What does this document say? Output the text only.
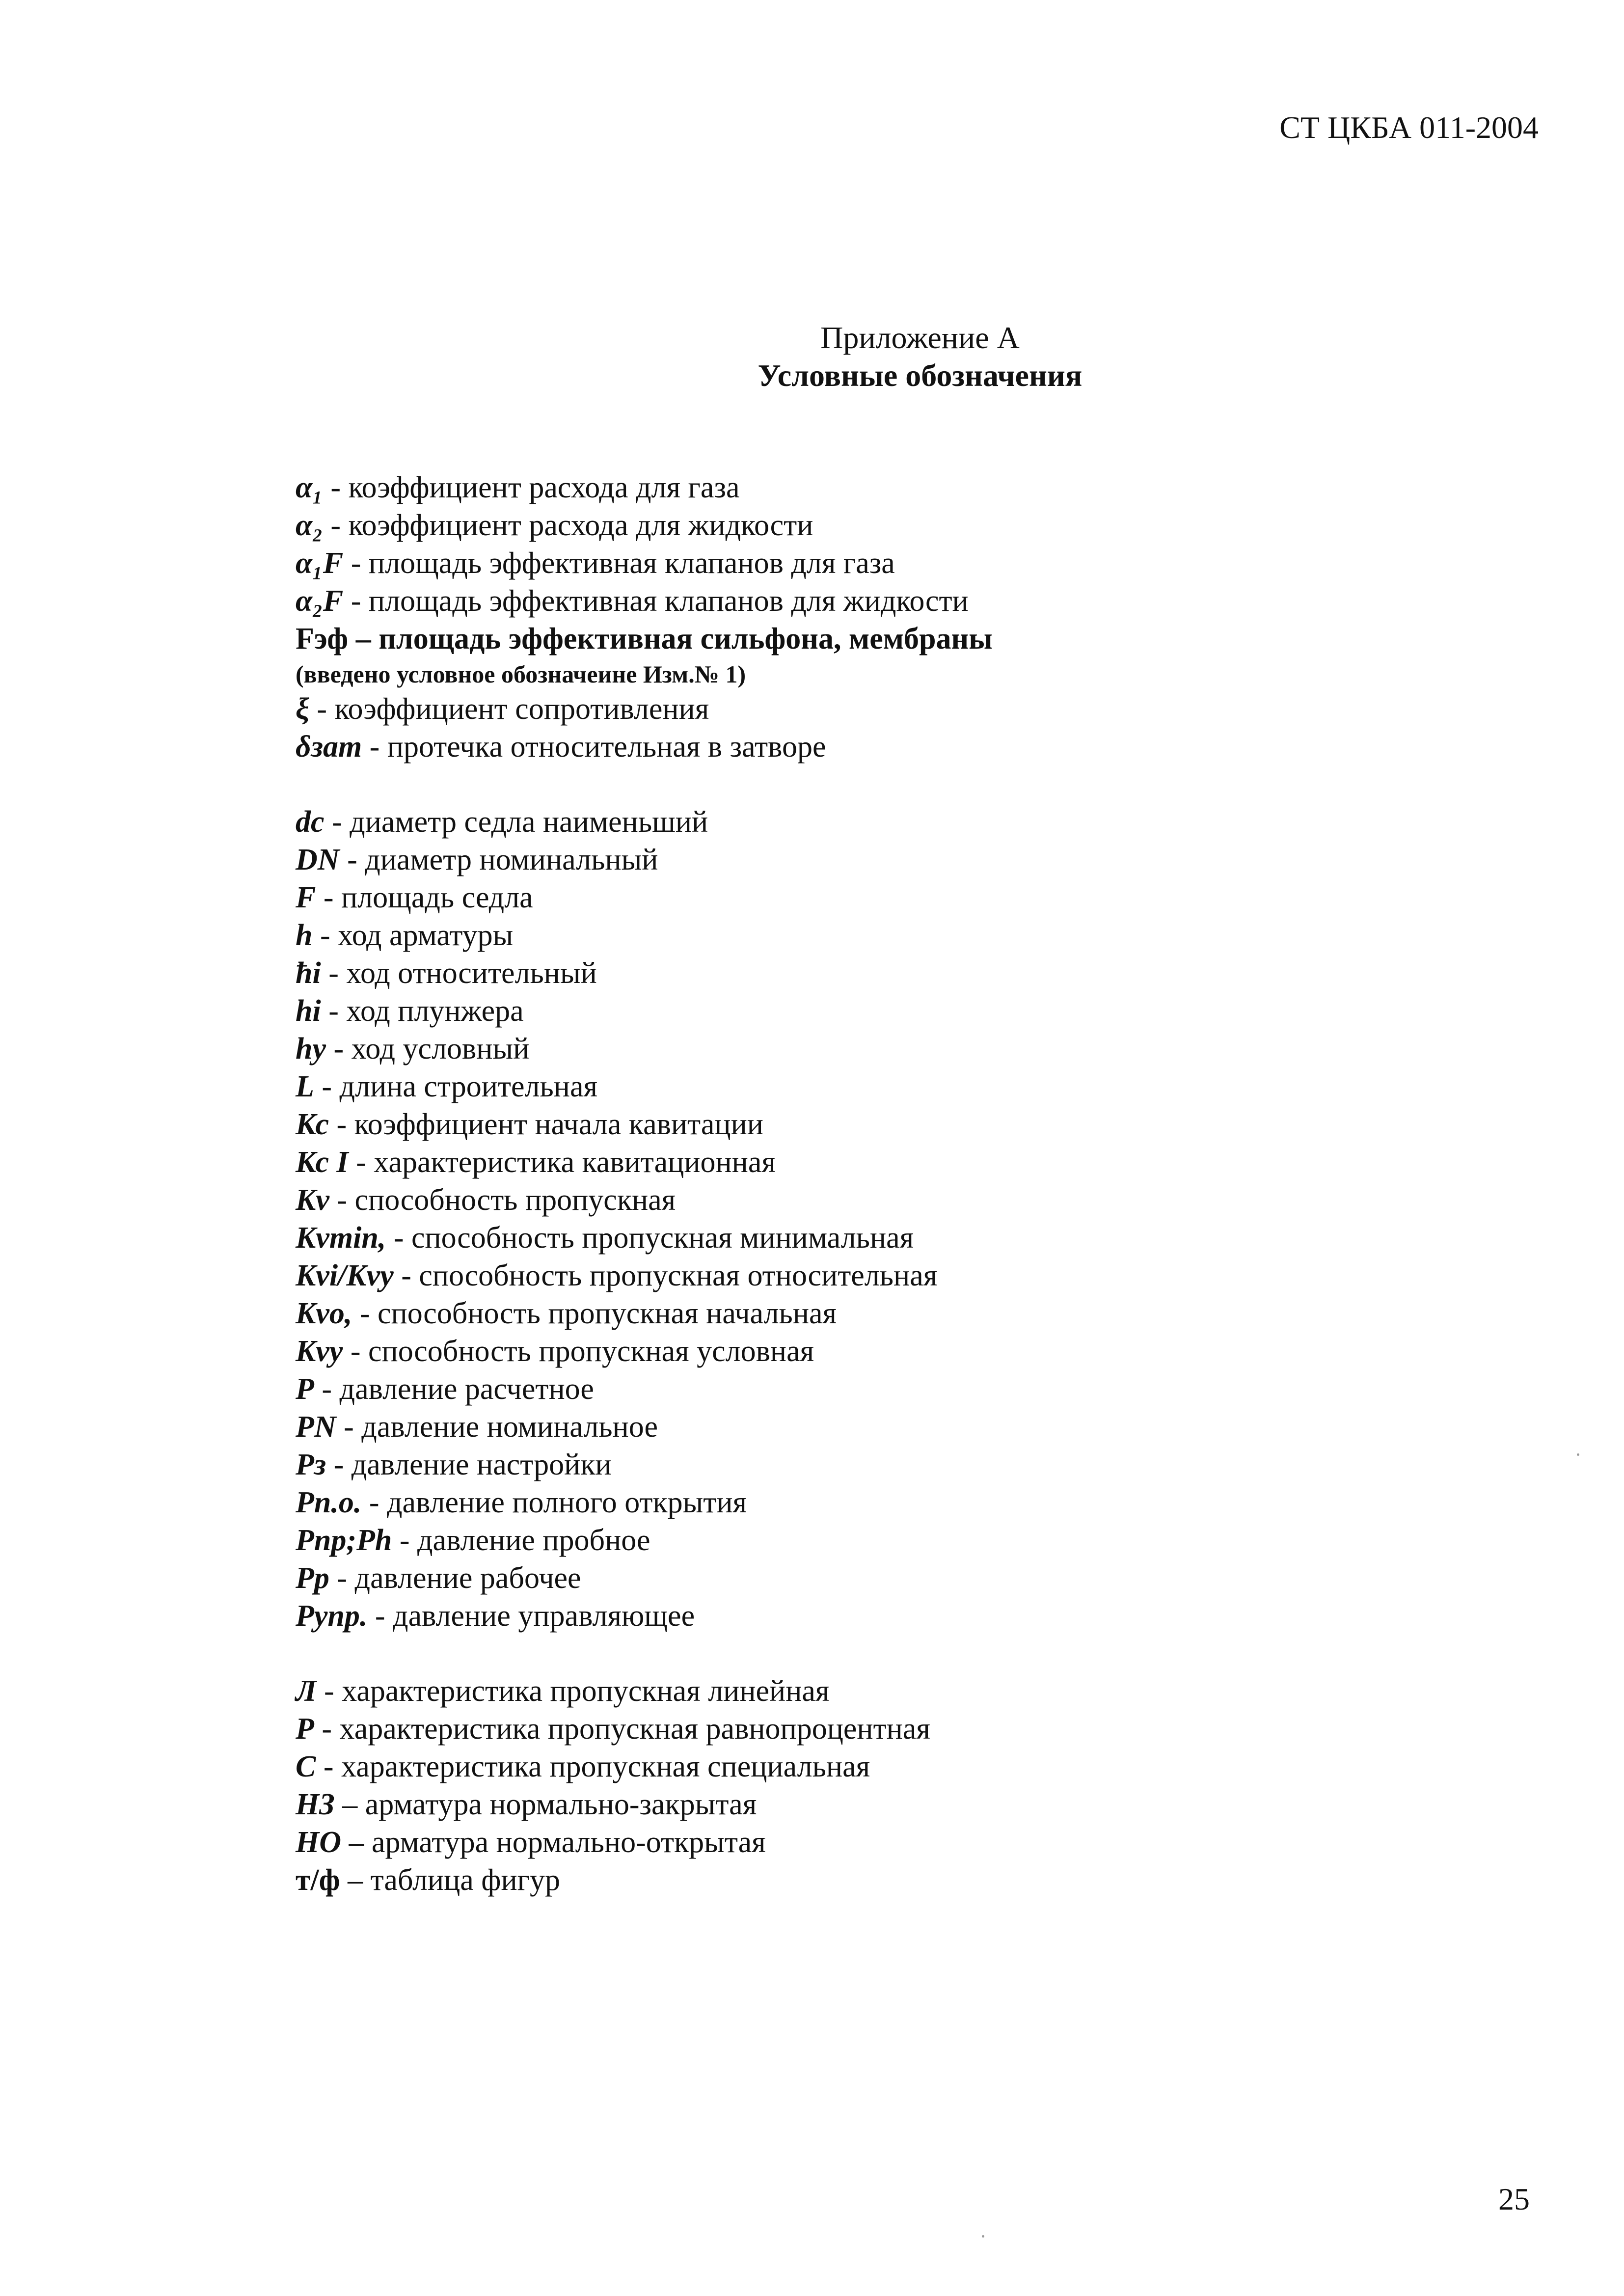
СТ ЦКБА 011-2004
Приложение А
Условные обозначения
α₁ - коэффициент расхода для газа
α₂ - коэффициент расхода для жидкости
α₁F - площадь эффективная клапанов для газа
α₂F - площадь эффективная клапанов для жидкости
Fэф – площадь эффективная сильфона, мембраны
(введено условное обозначеине Изм.№ 1)
ξ - коэффициент сопротивления
δзат - протечка относительная в затворе
dc - диаметр седла наименьший
DN - диаметр номинальный
F - площадь седла
h - ход арматуры
ħi - ход относительный
hi - ход плунжера
hy - ход условный
L - длина строительная
Кс - коэффициент начала кавитации
Кс I - характеристика кавитационная
Kv - способность пропускная
Kvmin, - способность пропускная минимальная
Kvi/Kvy - способность пропускная относительная
Kvo, - способность пропускная начальная
Kvy - способность пропускная условная
P - давление расчетное
PN - давление номинальное
Рз - давление настройки
Рп.о. - давление полного открытия
Рпр;Рh - давление пробное
Рр - давление рабочее
Руnр. - давление управляющее
Л - характеристика пропускная линейная
Р - характеристика пропускная равнопроцентная
С - характеристика пропускная специальная
НЗ – арматура нормально-закрытая
НО – арматура нормально-открытая
т/ф – таблица фигур
25
